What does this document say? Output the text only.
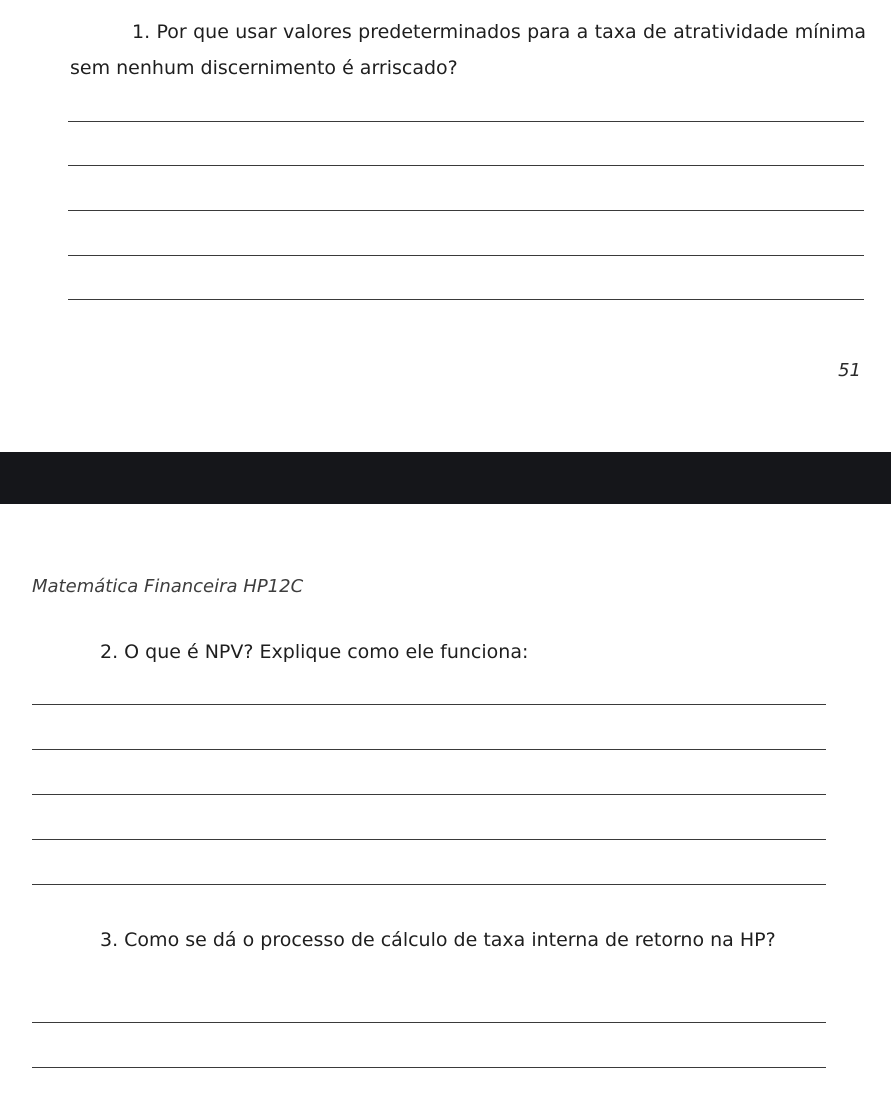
1. Por que usar valores predeterminados para a taxa de atratividade mínima sem nenhum discernimento é arriscado?

51
Matemática Financeira HP12C

2. O que é NPV? Explique como ele funciona:

3. Como se dá o processo de cálculo de taxa interna de retorno na HP?
